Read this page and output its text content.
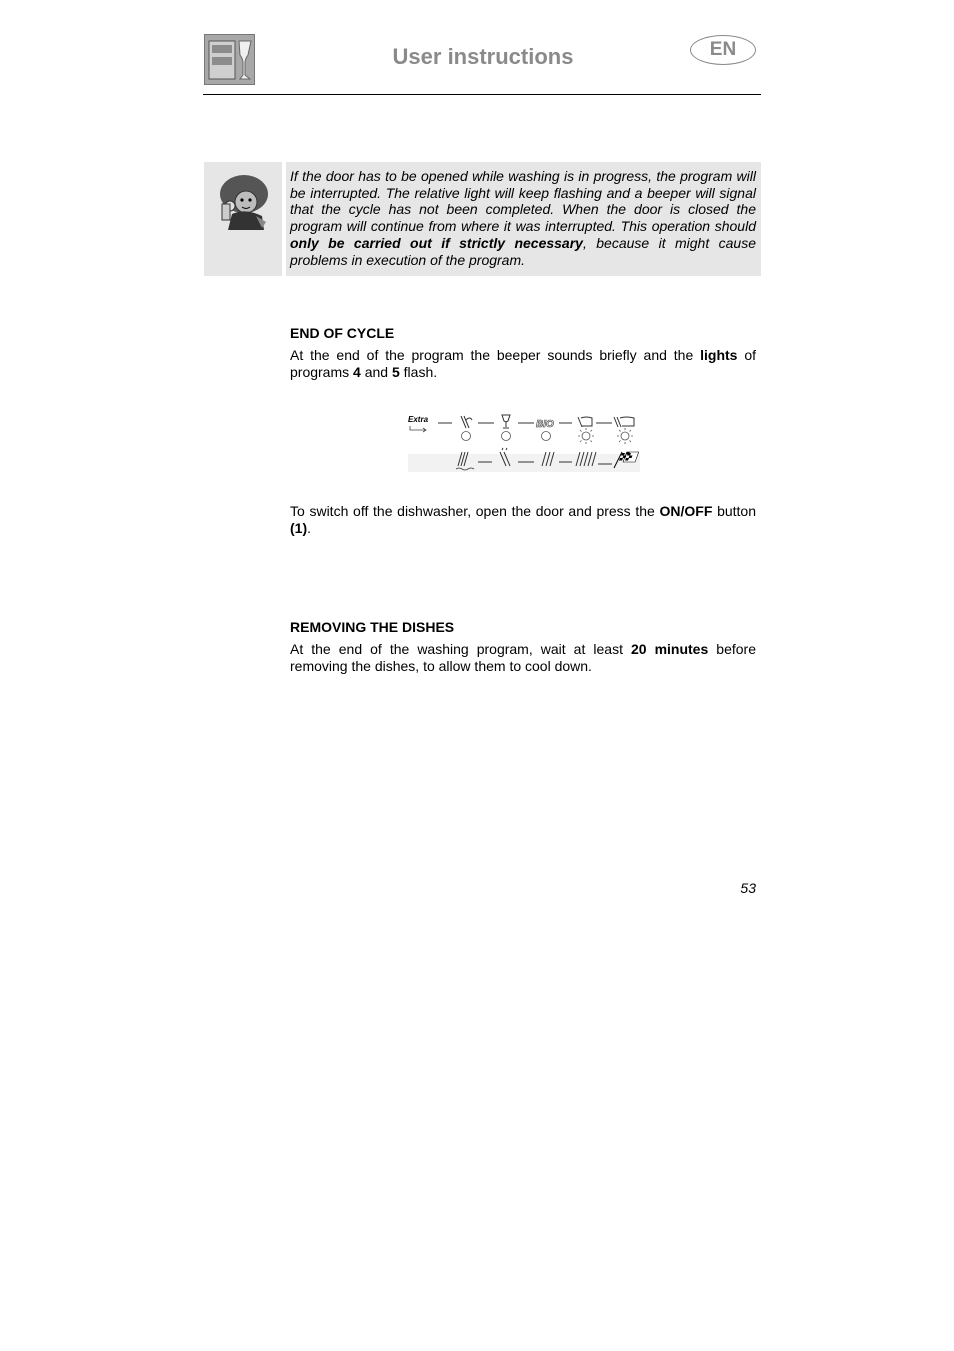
User instructions	EN
If the door has to be opened while washing is in progress, the program will be interrupted. The relative light will keep flashing and a beeper will signal that the cycle has not been completed. When the door is closed the program will continue from where it was interrupted. This operation should only be carried out if strictly necessary, because it might cause problems in execution of the program.
END OF CYCLE
At the end of the program the beeper sounds briefly and the lights of programs 4 and 5 flash.
Extra	BIO
To switch off the dishwasher, open the door and press the ON/OFF button (1).
REMOVING THE DISHES
At the end of the washing program, wait at least 20 minutes before removing the dishes, to allow them to cool down.
53
